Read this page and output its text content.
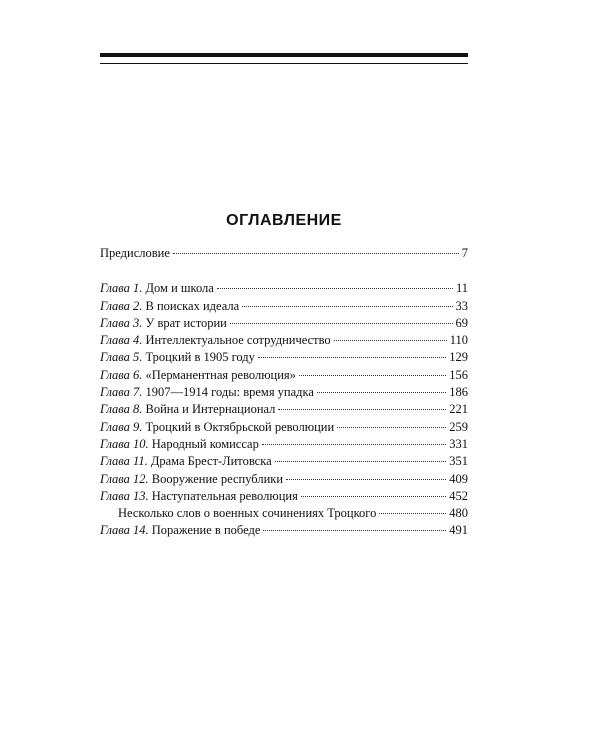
ОГЛАВЛЕНИЕ
Предисловие	7
Глава 1. Дом и школа	11
Глава 2. В поисках идеала	33
Глава 3. У врат истории	69
Глава 4. Интеллектуальное сотрудничество	110
Глава 5. Троцкий в 1905 году	129
Глава 6. «Перманентная революция»	156
Глава 7. 1907—1914 годы: время упадка	186
Глава 8. Война и Интернационал	221
Глава 9. Троцкий в Октябрьской революции	259
Глава 10. Народный комиссар	331
Глава 11. Драма Брест-Литовска	351
Глава 12. Вооружение республики	409
Глава 13. Наступательная революция	452
Несколько слов о военных сочинениях Троцкого	480
Глава 14. Поражение в победе	491
